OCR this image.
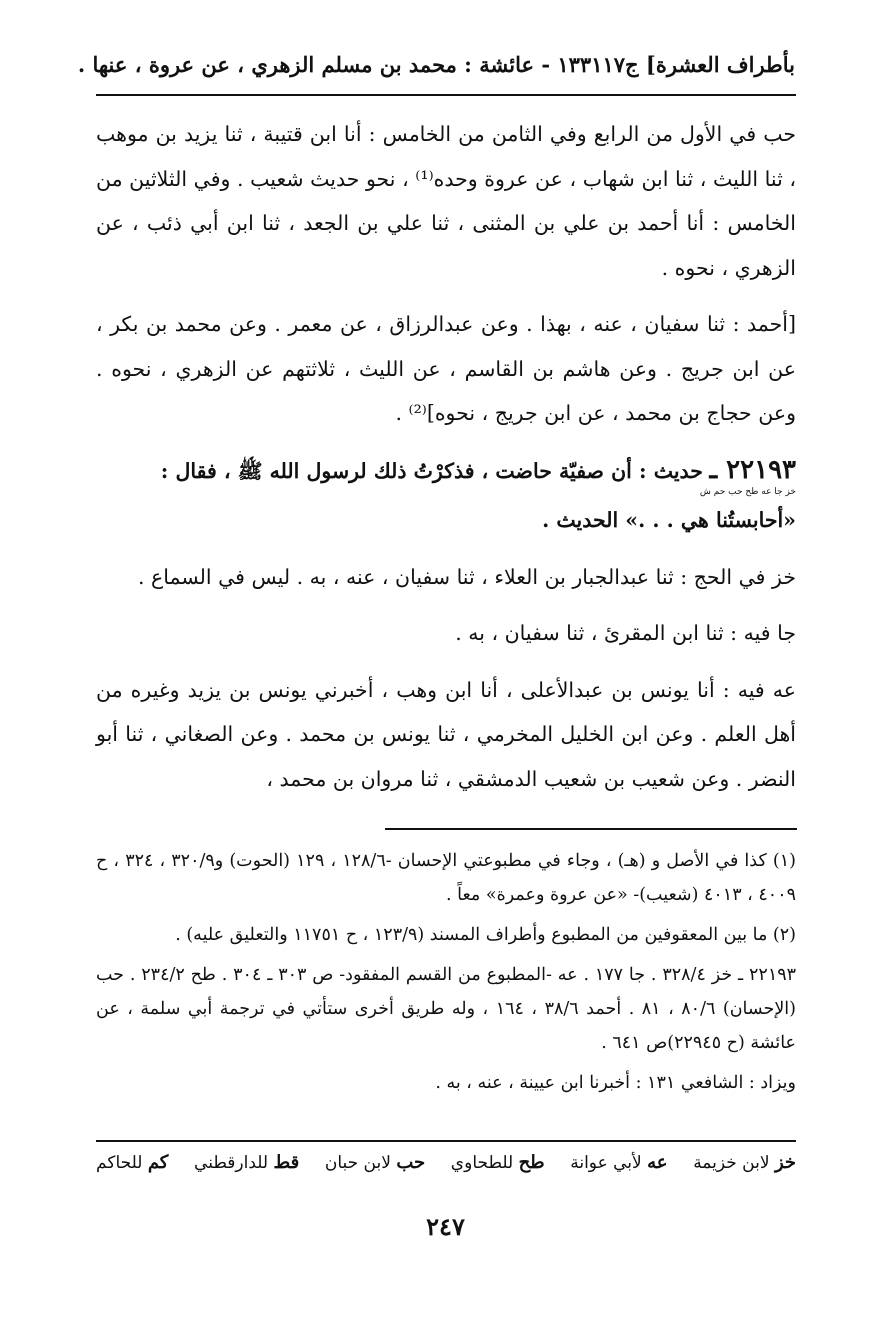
بأطراف العشرة] ج١٧
١٣٣١ - عائشة : محمد بن مسلم الزهري ، عن عروة ، عنها .

حب في الأول من الرابع وفي الثامن من الخامس : أنا ابن قتيبة ، ثنا يزيد بن موهب ، ثنا الليث ، ثنا ابن شهاب ، عن عروة وحده⁽¹⁾ ، نحو حديث شعيب . وفي الثلاثين من الخامس : أنا أحمد بن علي بن المثنى ، ثنا علي بن الجعد ، ثنا ابن أبي ذئب ، عن الزهري ، نحوه .

[أحمد : ثنا سفيان ، عنه ، بهذا . وعن عبدالرزاق ، عن معمر . وعن محمد بن بكر ، عن ابن جريج . وعن هاشم بن القاسم ، عن الليث ، ثلاثتهم عن الزهري ، نحوه . وعن حجاج بن محمد ، عن ابن جريج ، نحوه]⁽²⁾ .

٢٢١٩٣ ـ حديث : أن صفيّة حاضت ، فذكرْتُ ذلك لرسول الله ﷺ ، فقال :
خز جا عه طح حب حم ش

«أحابستُنا هي . . .» الحديث .

خز في الحج : ثنا عبدالجبار بن العلاء ، ثنا سفيان ، عنه ، به . ليس في السماع .

جا فيه : ثنا ابن المقرئ ، ثنا سفيان ، به .

عه فيه : أنا يونس بن عبدالأعلى ، أنا ابن وهب ، أخبرني يونس بن يزيد وغيره من أهل العلم . وعن ابن الخليل المخرمي ، ثنا يونس بن محمد . وعن الصغاني ، ثنا أبو النضر . وعن شعيب بن شعيب الدمشقي ، ثنا مروان بن محمد ،

(١) كذا في الأصل و (هـ) ، وجاء في مطبوعتي الإحسان -١٢٨/٦ ، ١٢٩ (الحوت) و٣٢٠/٩ ، ٣٢٤ ، ح ٤٠٠٩ ، ٤٠١٣ (شعيب)- «عن عروة وعمرة» معاً .

(٢) ما بين المعقوفين من المطبوع وأطراف المسند (١٢٣/٩ ، ح ١١٧٥١ والتعليق عليه) .

٢٢١٩٣ ـ خز ٣٢٨/٤ . جا ١٧٧ . عه -المطبوع من القسم المفقود- ص ٣٠٣ ـ ٣٠٤ . طح ٢٣٤/٢ . حب (الإحسان) ٨٠/٦ ، ٨١ . أحمد ٣٨/٦ ، ١٦٤ ، وله طريق أخرى ستأتي في ترجمة أبي سلمة ، عن عائشة (ح ٢٢٩٤٥)ص ٦٤١ .

ويزاد : الشافعي ١٣١ : أخبرنا ابن عيينة ، عنه ، به .

خز لابن خزيمة
عه لأبي عوانة
طح للطحاوي
حب لابن حبان
قط للدارقطني
كم للحاكم
٢٤٧
